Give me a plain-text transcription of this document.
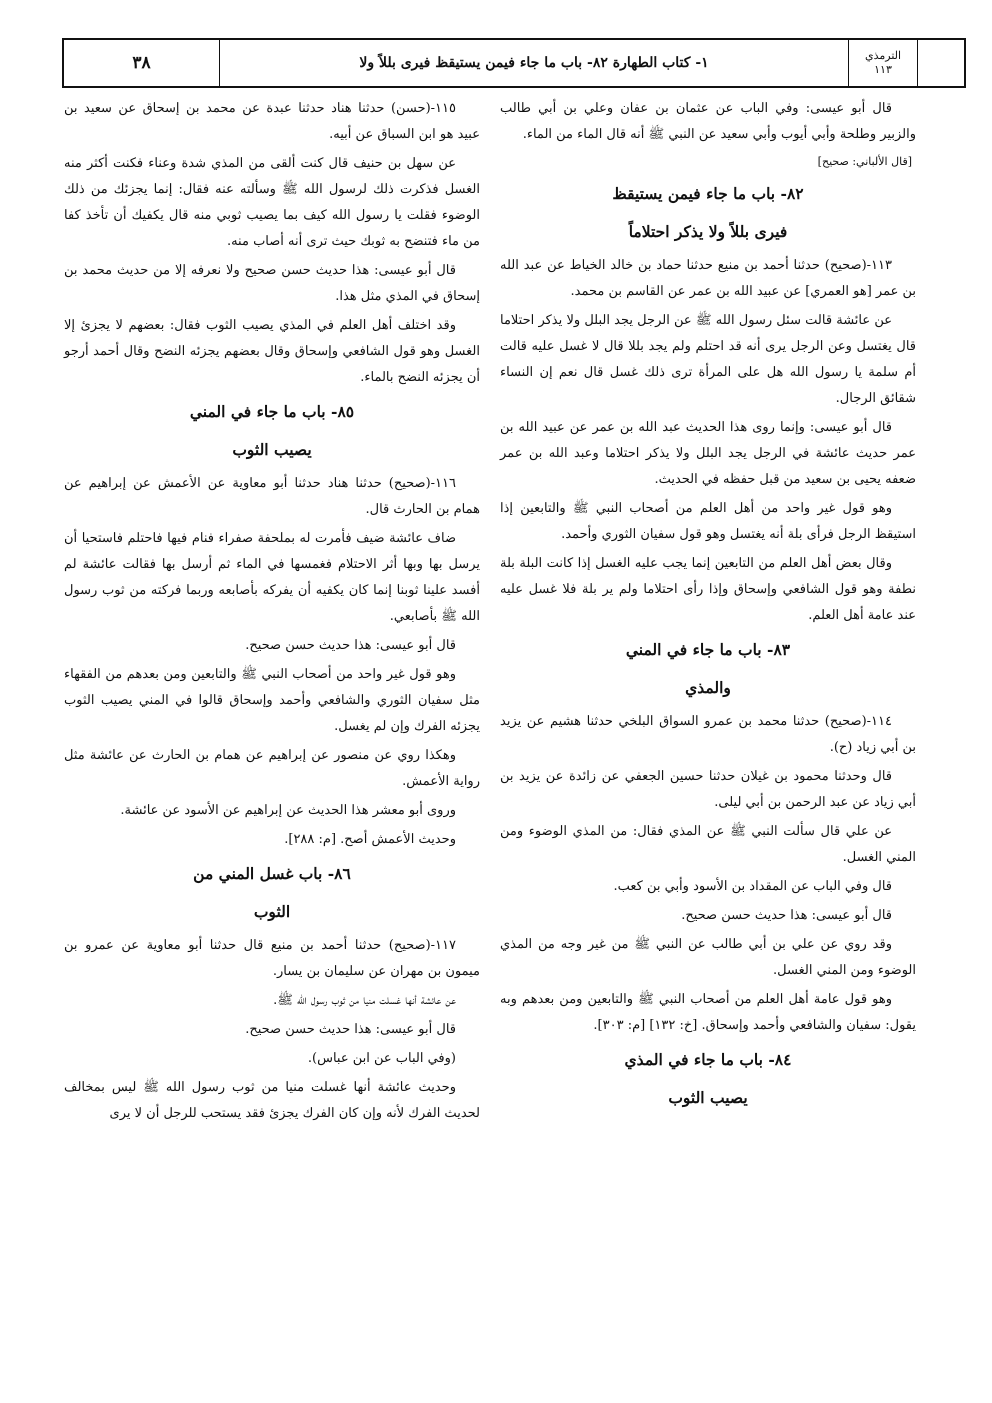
الترمذي
١١٣
١- كتاب الطهارة ٨٢- باب ما جاء فيمن يستيقظ فيرى بللاً ولا
٣٨

قال أبو عيسى: وفي الباب عن عثمان بن عفان وعلي بن أبي طالب والزبير وطلحة وأبي أيوب وأبي سعيد عن النبي ﷺ أنه قال الماء من الماء.

[قال الألباني: صحيح]
٨٢- باب ما جاء فيمن يستيقظ
فيرى بللاً ولا يذكر احتلاماً

١١٣-(صحيح) حدثنا أحمد بن منيع حدثنا حماد بن خالد الخياط عن عبد الله بن عمر [هو العمري] عن عبيد الله بن عمر عن القاسم بن محمد.

عن عائشة قالت سئل رسول الله ﷺ عن الرجل يجد البلل ولا يذكر احتلاما قال يغتسل وعن الرجل يرى أنه قد احتلم ولم يجد بللا قال لا غسل عليه قالت أم سلمة يا رسول الله هل على المرأة ترى ذلك غسل قال نعم إن النساء شقائق الرجال.

قال أبو عيسى: وإنما روى هذا الحديث عبد الله بن عمر عن عبيد الله بن عمر حديث عائشة في الرجل يجد البلل ولا يذكر احتلاما وعبد الله بن عمر ضعفه يحيى بن سعيد من قبل حفظه في الحديث.

وهو قول غير واحد من أهل العلم من أصحاب النبي ﷺ والتابعين إذا استيقظ الرجل فرأى بلة أنه يغتسل وهو قول سفيان الثوري وأحمد.

وقال بعض أهل العلم من التابعين إنما يجب عليه الغسل إذا كانت البلة بلة نطفة وهو قول الشافعي وإسحاق وإذا رأى احتلاما ولم ير بلة فلا غسل عليه عند عامة أهل العلم.

٨٣- باب ما جاء في المني
والمذي

١١٤-(صحيح) حدثنا محمد بن عمرو السواق البلخي حدثنا هشيم عن يزيد بن أبي زياد (ح).

قال وحدثنا محمود بن غيلان حدثنا حسين الجعفي عن زائدة عن يزيد بن أبي زياد عن عبد الرحمن بن أبي ليلى.

عن علي قال سألت النبي ﷺ عن المذي فقال: من المذي الوضوء ومن المني الغسل.

قال وفي الباب عن المقداد بن الأسود وأبي بن كعب.

قال أبو عيسى: هذا حديث حسن صحيح.

وقد روي عن علي بن أبي طالب عن النبي ﷺ من غير وجه من المذي الوضوء ومن المني الغسل.

وهو قول عامة أهل العلم من أصحاب النبي ﷺ والتابعين ومن بعدهم وبه يقول: سفيان والشافعي وأحمد وإسحاق. [خ: ١٣٢] [م: ٣٠٣].

٨٤- باب ما جاء في المذي
يصيب الثوب

١١٥-(حسن) حدثنا هناد حدثنا عبدة عن محمد بن إسحاق عن سعيد بن عبيد هو ابن السباق عن أبيه.

عن سهل بن حنيف قال كنت ألقى من المذي شدة وعناء فكنت أكثر منه الغسل فذكرت ذلك لرسول الله ﷺ وسألته عنه فقال: إنما يجزئك من ذلك الوضوء فقلت يا رسول الله كيف بما يصيب ثوبي منه قال يكفيك أن تأخذ كفا من ماء فتنضح به ثوبك حيث ترى أنه أصاب منه.

قال أبو عيسى: هذا حديث حسن صحيح ولا نعرفه إلا من حديث محمد بن إسحاق في المذي مثل هذا.

وقد اختلف أهل العلم في المذي يصيب الثوب فقال: بعضهم لا يجزئ إلا الغسل وهو قول الشافعي وإسحاق وقال بعضهم يجزئه النضح وقال أحمد أرجو أن يجزئه النضح بالماء.

٨٥- باب ما جاء في المني
يصيب الثوب

١١٦-(صحيح) حدثنا هناد حدثنا أبو معاوية عن الأعمش عن إبراهيم عن همام بن الحارث قال.

ضاف عائشة ضيف فأمرت له بملحفة صفراء فنام فيها فاحتلم فاستحيا أن يرسل بها وبها أثر الاحتلام فغمسها في الماء ثم أرسل بها فقالت عائشة لم أفسد علينا ثوبنا إنما كان يكفيه أن يفركه بأصابعه وربما فركته من ثوب رسول الله ﷺ بأصابعي.

قال أبو عيسى: هذا حديث حسن صحيح.

وهو قول غير واحد من أصحاب النبي ﷺ والتابعين ومن بعدهم من الفقهاء مثل سفيان الثوري والشافعي وأحمد وإسحاق قالوا في المني يصيب الثوب يجزئه الفرك وإن لم يغسل.

وهكذا روي عن منصور عن إبراهيم عن همام بن الحارث عن عائشة مثل رواية الأعمش.

وروى أبو معشر هذا الحديث عن إبراهيم عن الأسود عن عائشة.

وحديث الأعمش أصح. [م: ٢٨٨].

٨٦- باب غسل المني من
الثوب

١١٧-(صحيح) حدثنا أحمد بن منيع قال حدثنا أبو معاوية عن عمرو بن ميمون بن مهران عن سليمان بن يسار.

عن عائشة أنها غسلت منيا من ثوب رسول الله ﷺ.

قال أبو عيسى: هذا حديث حسن صحيح.

(وفي الباب عن ابن عباس).

وحديث عائشة أنها غسلت منيا من ثوب رسول الله ﷺ ليس بمخالف لحديث الفرك لأنه وإن كان الفرك يجزئ فقد يستحب للرجل أن لا يرى
